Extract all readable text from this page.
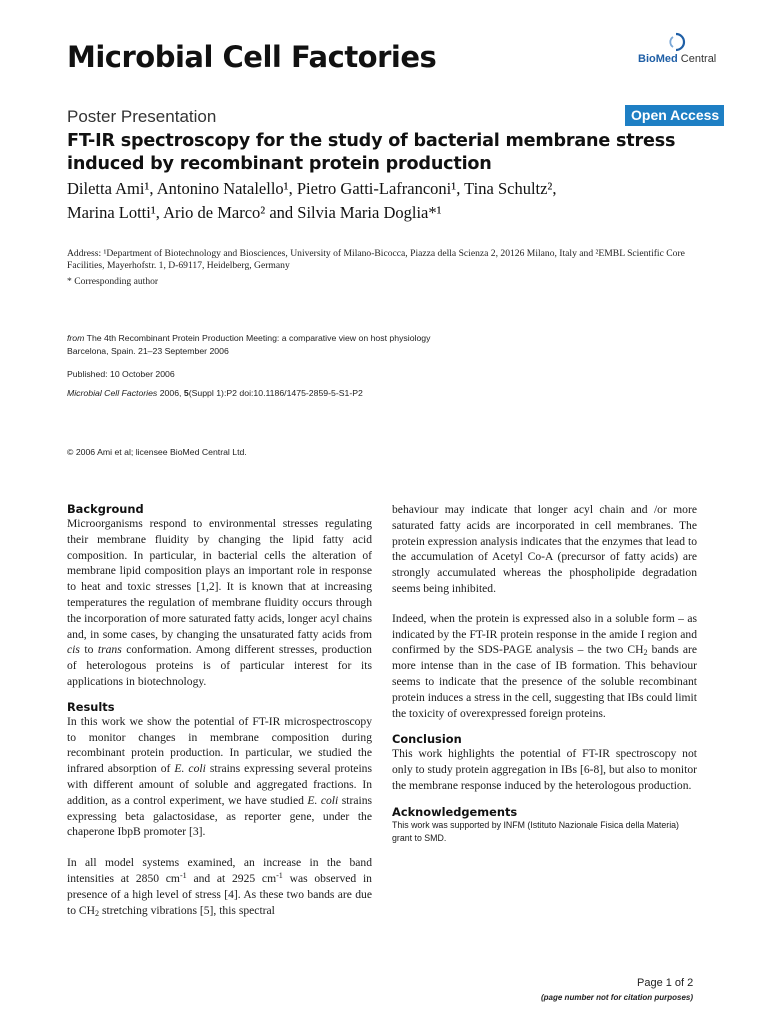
Microbial Cell Factories	BioMed Central
Poster Presentation	Open Access
FT-IR spectroscopy for the study of bacterial membrane stress induced by recombinant protein production
Diletta Ami¹, Antonino Natalello¹, Pietro Gatti-Lafranconi¹, Tina Schultz²,
Marina Lotti¹, Ario de Marco² and Silvia Maria Doglia*¹
Address: ¹Department of Biotechnology and Biosciences, University of Milano-Bicocca, Piazza della Scienza 2, 20126 Milano, Italy and ²EMBL Scientific Core Facilities, Mayerhofstr. 1, D-69117, Heidelberg, Germany
* Corresponding author
from The 4th Recombinant Protein Production Meeting: a comparative view on host physiology
Barcelona, Spain. 21–23 September 2006
Published: 10 October 2006
Microbial Cell Factories 2006, 5(Suppl 1):P2 doi:10.1186/1475-2859-5-S1-P2
© 2006 Ami et al; licensee BioMed Central Ltd.
Background

Microorganisms respond to environmental stresses regulating their membrane fluidity by changing the lipid fatty acid composition. In particular, in bacterial cells the alteration of membrane lipid composition plays an important role in response to heat and toxic stresses [1,2]. It is known that at increasing temperatures the regulation of membrane fluidity occurs through the incorporation of more saturated fatty acids, longer acyl chains and, in some cases, by changing the unsaturated fatty acids from cis to trans conformation. Among different stresses, production of heterologous proteins is of particular interest for its applications in biotechnology.

Results

In this work we show the potential of FT-IR microspectroscopy to monitor changes in membrane composition during recombinant protein production. In particular, we studied the infrared absorption of E. coli strains expressing several proteins with different amount of soluble and aggregated fractions. In addition, as a control experiment, we have studied E. coli strains expressing beta galactosidase, as reporter gene, under the chaperone IbpB promoter [3].

In all model systems examined, an increase in the band intensities at 2850 $cm^{-1}$ and at 2925 $cm^{-1}$ was observed in presence of a high level of stress [4]. As these two bands are due to $CH_2$ stretching vibrations [5], this spectral

behaviour may indicate that longer acyl chain and /or more saturated fatty acids are incorporated in cell membranes. The protein expression analysis indicates that the enzymes that lead to the accumulation of Acetyl Co-A (precursor of fatty acids) are strongly accumulated whereas the phospholipide degradation seems being inhibited.

Indeed, when the protein is expressed also in a soluble form – as indicated by the FT-IR protein response in the amide I region and confirmed by the SDS-PAGE analysis – the two $CH_2$ bands are more intense than in the case of IB formation. This behaviour seems to indicate that the presence of the soluble recombinant protein induces a stress in the cell, suggesting that IBs could limit the toxicity of overexpressed foreign proteins.

Conclusion

This work highlights the potential of FT-IR spectroscopy not only to study protein aggregation in IBs [6-8], but also to monitor the membrane response induced by the heterologous production.

Acknowledgements

This work was supported by INFM (Istituto Nazionale Fisica della Materia) grant to SMD.

Page 1 of 2
(page number not for citation purposes)
